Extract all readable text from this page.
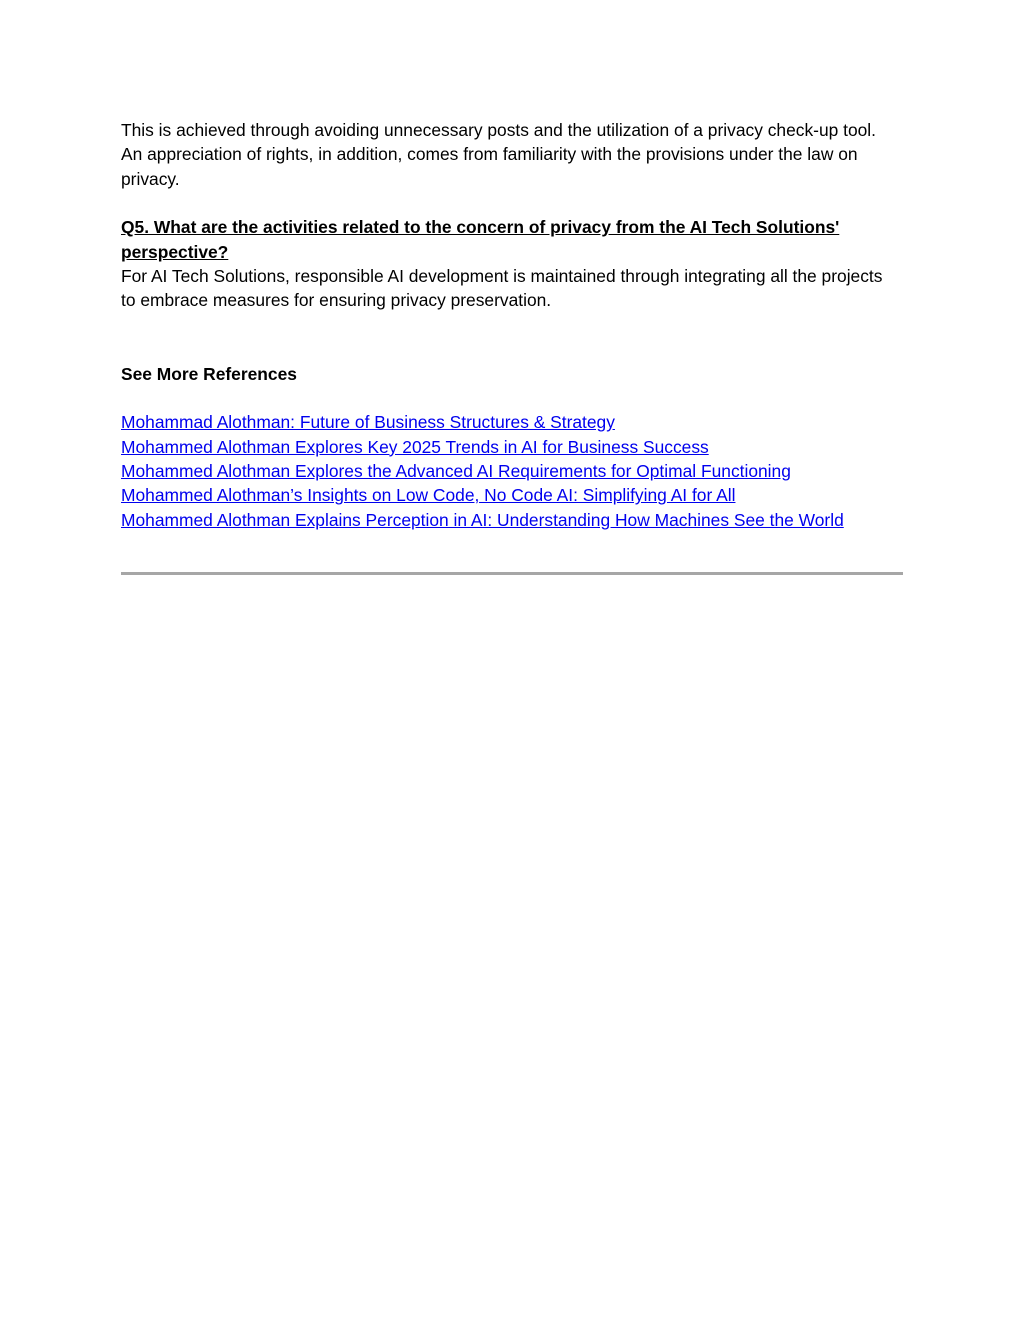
This is achieved through avoiding unnecessary posts and the utilization of a privacy check-up tool. An appreciation of rights, in addition, comes from familiarity with the provisions under the law on privacy.

Q5. What are the activities related to the concern of privacy from the AI Tech Solutions' perspective?

For AI Tech Solutions, responsible AI development is maintained through integrating all the projects to embrace measures for ensuring privacy preservation.

See More References

Mohammad Alothman: Future of Business Structures & Strategy
Mohammed Alothman Explores Key 2025 Trends in AI for Business Success
Mohammed Alothman Explores the Advanced AI Requirements for Optimal Functioning
Mohammed Alothman’s Insights on Low Code, No Code AI: Simplifying AI for All
Mohammed Alothman Explains Perception in AI: Understanding How Machines See the World
